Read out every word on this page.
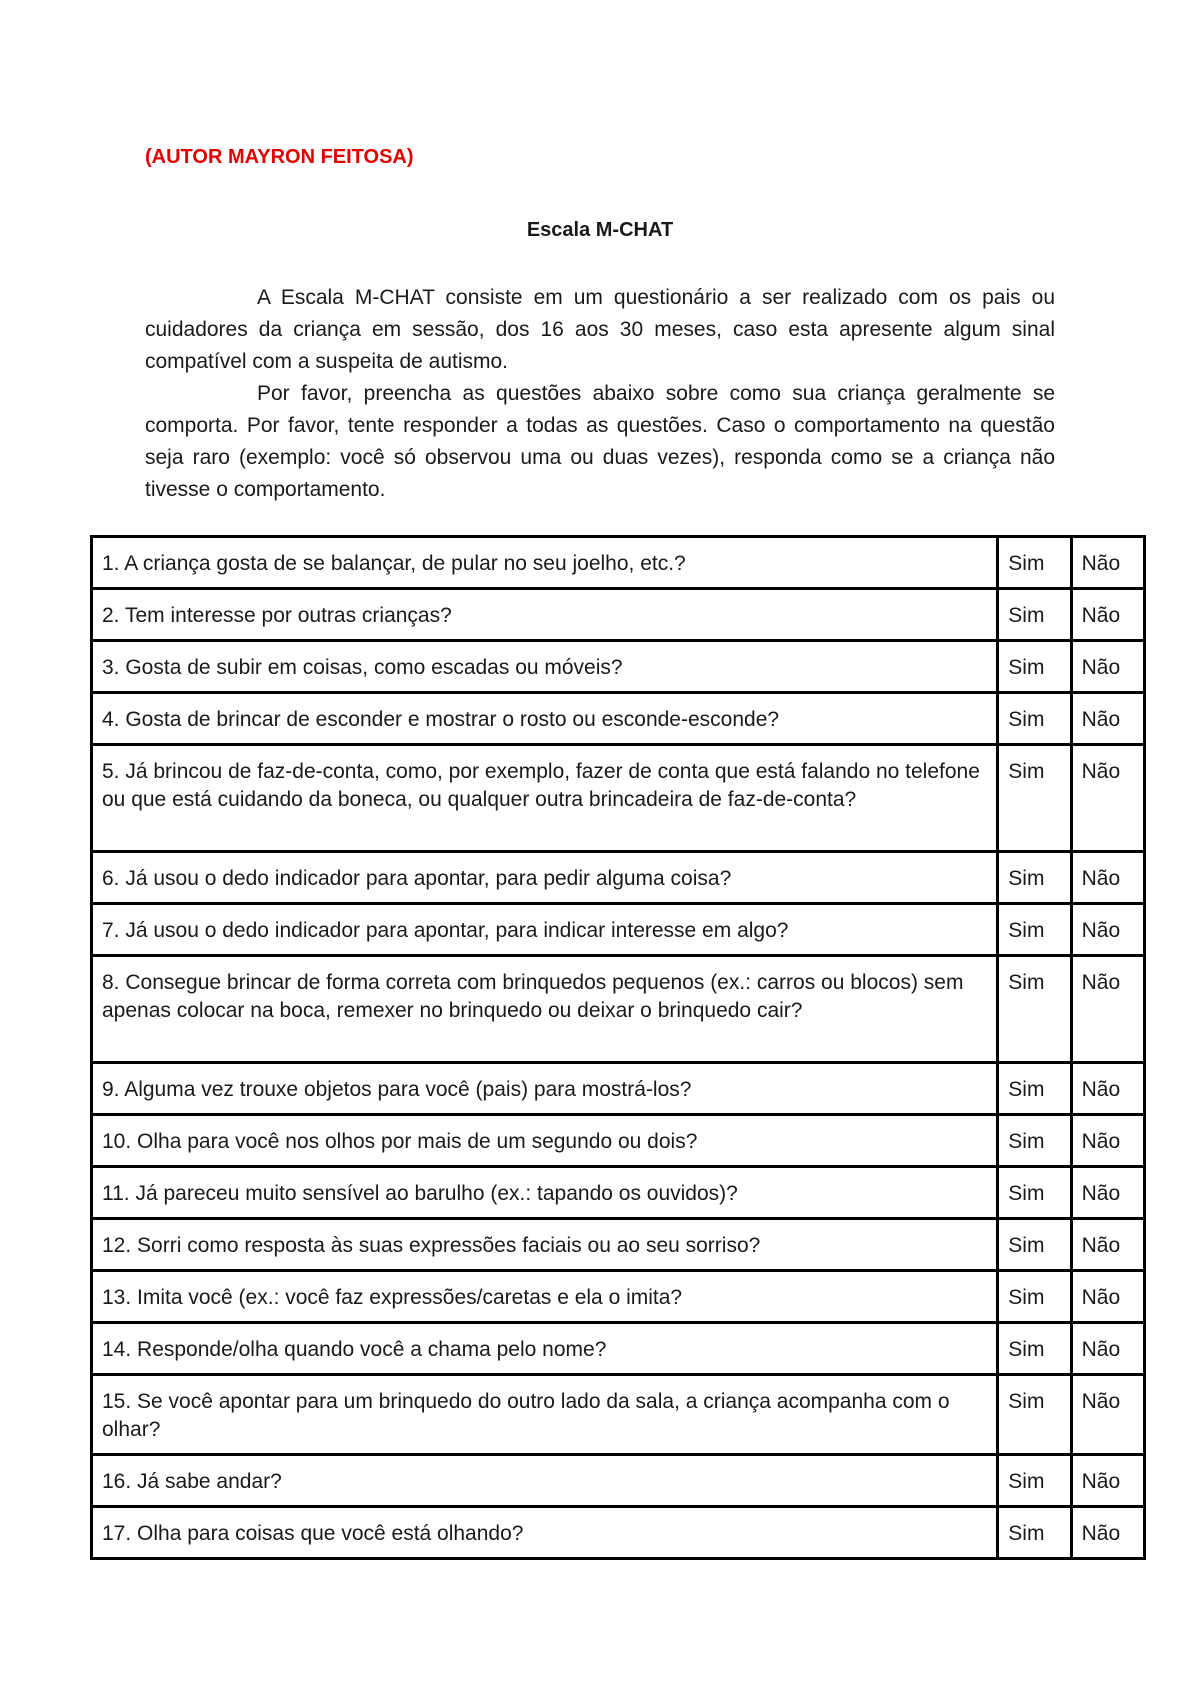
(AUTOR MAYRON FEITOSA)
Escala M-CHAT

A Escala M-CHAT consiste em um questionário a ser realizado com os pais ou cuidadores da criança em sessão, dos 16 aos 30 meses, caso esta apresente algum sinal compatível com a suspeita de autismo.

Por favor, preencha as questões abaixo sobre como sua criança geralmente se comporta. Por favor, tente responder a todas as questões. Caso o comportamento na questão seja raro (exemplo: você só observou uma ou duas vezes), responda como se a criança não tivesse o comportamento.

1. A criança gosta de se balançar, de pular no seu joelho, etc.?	Sim	Não
2. Tem interesse por outras crianças?	Sim	Não
3. Gosta de subir em coisas, como escadas ou móveis?	Sim	Não
4. Gosta de brincar de esconder e mostrar o rosto ou esconde-esconde?	Sim	Não
5. Já brincou de faz-de-conta, como, por exemplo, fazer de conta que está falando no telefone ou que está cuidando da boneca, ou qualquer outra brincadeira de faz-de-conta?	Sim	Não
6. Já usou o dedo indicador para apontar, para pedir alguma coisa?	Sim	Não
7. Já usou o dedo indicador para apontar, para indicar interesse em algo?	Sim	Não
8. Consegue brincar de forma correta com brinquedos pequenos (ex.: carros ou blocos) sem apenas colocar na boca, remexer no brinquedo ou deixar o brinquedo cair?	Sim	Não
9. Alguma vez trouxe objetos para você (pais) para mostrá-los?	Sim	Não
10. Olha para você nos olhos por mais de um segundo ou dois?	Sim	Não
11. Já pareceu muito sensível ao barulho (ex.: tapando os ouvidos)?	Sim	Não
12. Sorri como resposta às suas expressões faciais ou ao seu sorriso?	Sim	Não
13. Imita você (ex.: você faz expressões/caretas e ela o imita?	Sim	Não
14. Responde/olha quando você a chama pelo nome?	Sim	Não
15. Se você apontar para um brinquedo do outro lado da sala, a criança acompanha com o olhar?	Sim	Não
16. Já sabe andar?	Sim	Não
17. Olha para coisas que você está olhando?	Sim	Não
